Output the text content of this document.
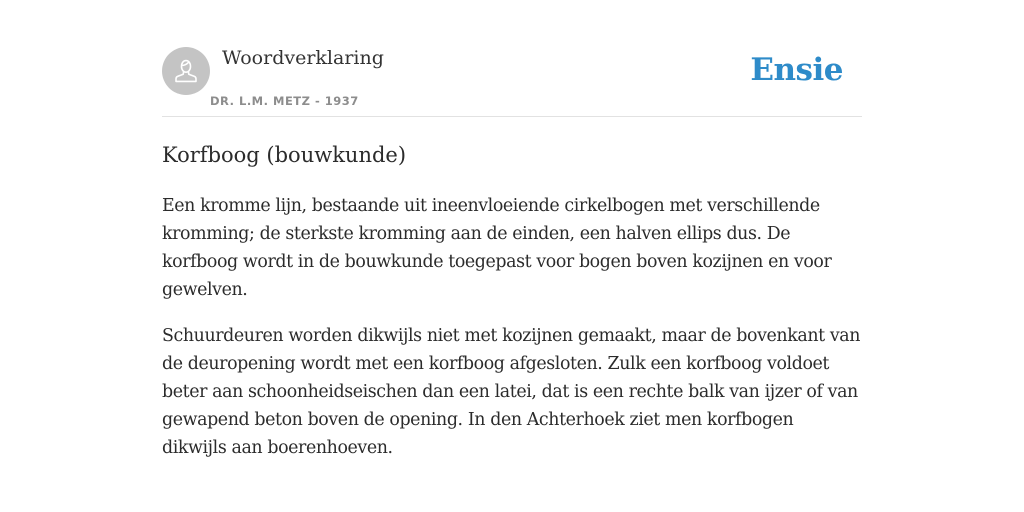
Woordverklaring
DR. L.M. METZ - 1937
Ensie
Korfboog (bouwkunde)

Een kromme lijn, bestaande uit ineenvloeiende cirkelbogen met verschillende kromming; de sterkste kromming aan de einden, een halven ellips dus. De korfboog wordt in de bouwkunde toegepast voor bogen boven kozijnen en voor gewelven.

Schuurdeuren worden dikwijls niet met kozijnen gemaakt, maar de bovenkant van de deuropening wordt met een korfboog afgesloten. Zulk een korfboog voldoet beter aan schoonheidseischen dan een latei, dat is een rechte balk van ijzer of van gewapend beton boven de opening. In den Achterhoek ziet men korfbogen dikwijls aan boerenhoeven.
